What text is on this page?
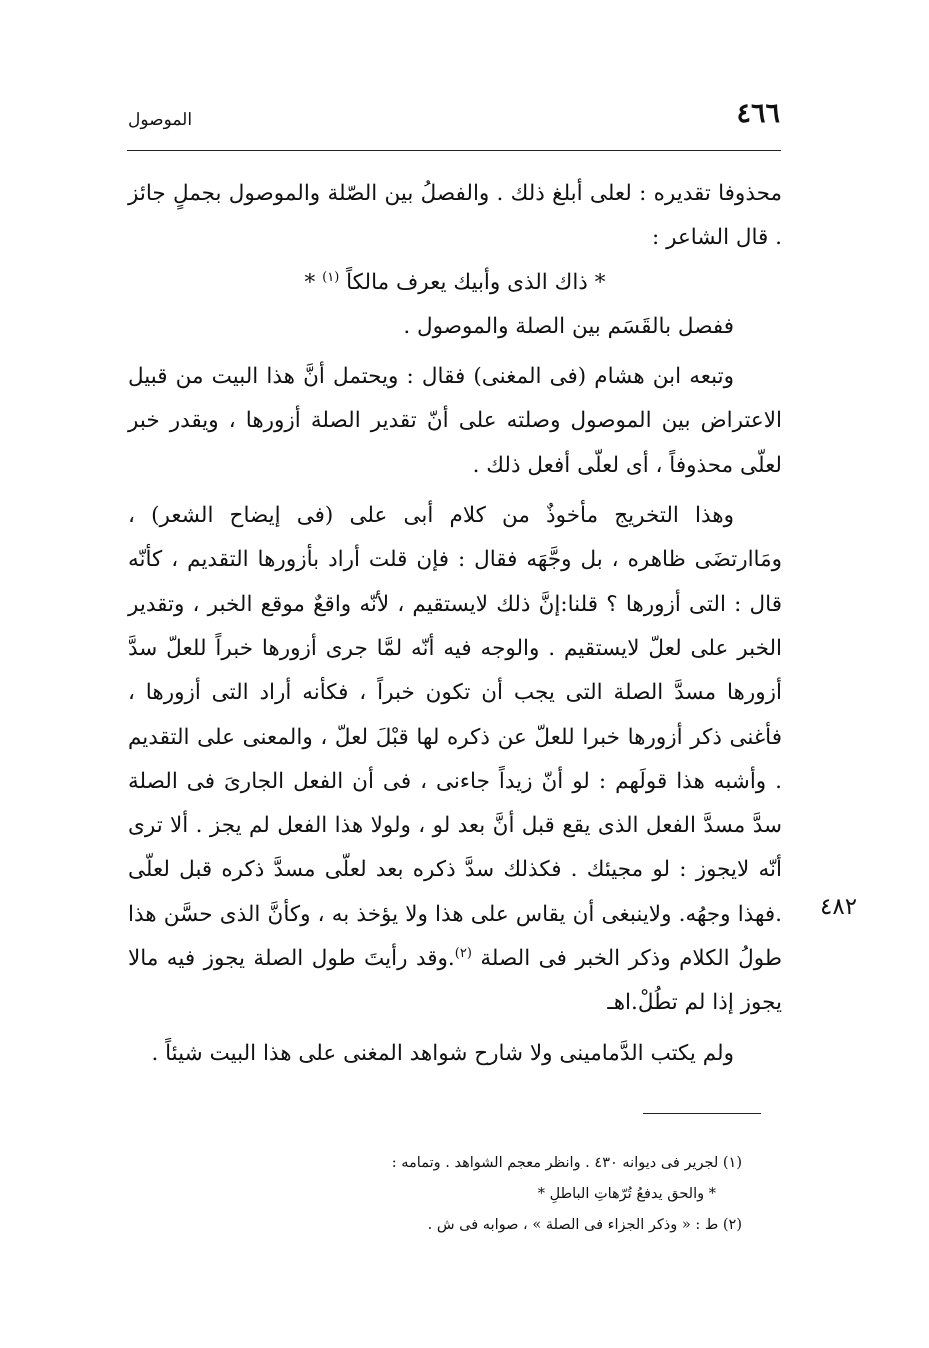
٤٦٦
الموصول

محذوفا تقديره : لعلى أبلغ ذلك . والفصلُ بين الصّلة والموصول بجملٍ جائز . قال الشاعر :

* ذاك الذى وأبيك يعرف مالكاً $^{(١)}$ *

ففصل بالقَسَم بين الصلة والموصول .

وتبعه ابن هشام (فى المغنى) فقال : ويحتمل أنَّ هذا البيت من قبيل الاعتراض بين الموصول وصلته على أنّ تقدير الصلة أزورها ، ويقدر خبر لعلّى محذوفاً ، أى لعلّى أفعل ذلك .

وهذا التخريج مأخوذٌ من كلام أبى على (فى إيضاح الشعر) ، ومَاارتضَى ظاهره ، بل وجَّهَه فقال : فإن قلت أراد بأزورها التقديم ، كأنّه قال : التى أزورها ؟ قلنا:إنَّ ذلك لايستقيم ، لأنّه واقعٌ موقع الخبر ، وتقدير الخبر على لعلّ لايستقيم . والوجه فيه أنّه لمَّا جرى أزورها خبراً للعلّ سدَّ أزورها مسدَّ الصلة التى يجب أن تكون خبراً ، فكأنه أراد التى أزورها ، فأغنى ذكر أزورها خبرا للعلّ عن ذكره لها قبْلَ لعلّ ، والمعنى على التقديم . وأشبه هذا قولَهم : لو أنّ زيداً جاءنى ، فى أن الفعل الجارىَ فى الصلة سدَّ مسدَّ الفعل الذى يقع قبل أنَّ بعد لو ، ولولا هذا الفعل لم يجز . ألا ترى أنّه لايجوز : لو مجيئك . فكذلك سدَّ ذكره بعد لعلّى مسدَّ ذكره قبل لعلّى .فهذا وجهُه. ولاينبغى أن يقاس على هذا ولا يؤخذ به ، وكأنَّ الذى حسَّن هذا طولُ الكلام وذكر الخبر فى الصلة $^{(٢)}$.وقد رأيتَ طول الصلة يجوز فيه مالا يجوز إذا لم تطُلْ.اهـ

ولم يكتب الدَّمامينى ولا شارح شواهد المغنى على هذا البيت شيئاً .

٤٨٢
(١) لجرير فى ديوانه ٤٣٠ . وانظر معجم الشواهد . وتمامه :
* والحق يدفعُ تُرّهاتِ الباطلِ *
(٢) ط : « وذكر الجزاء فى الصلة » ، صوابه فى ش .
